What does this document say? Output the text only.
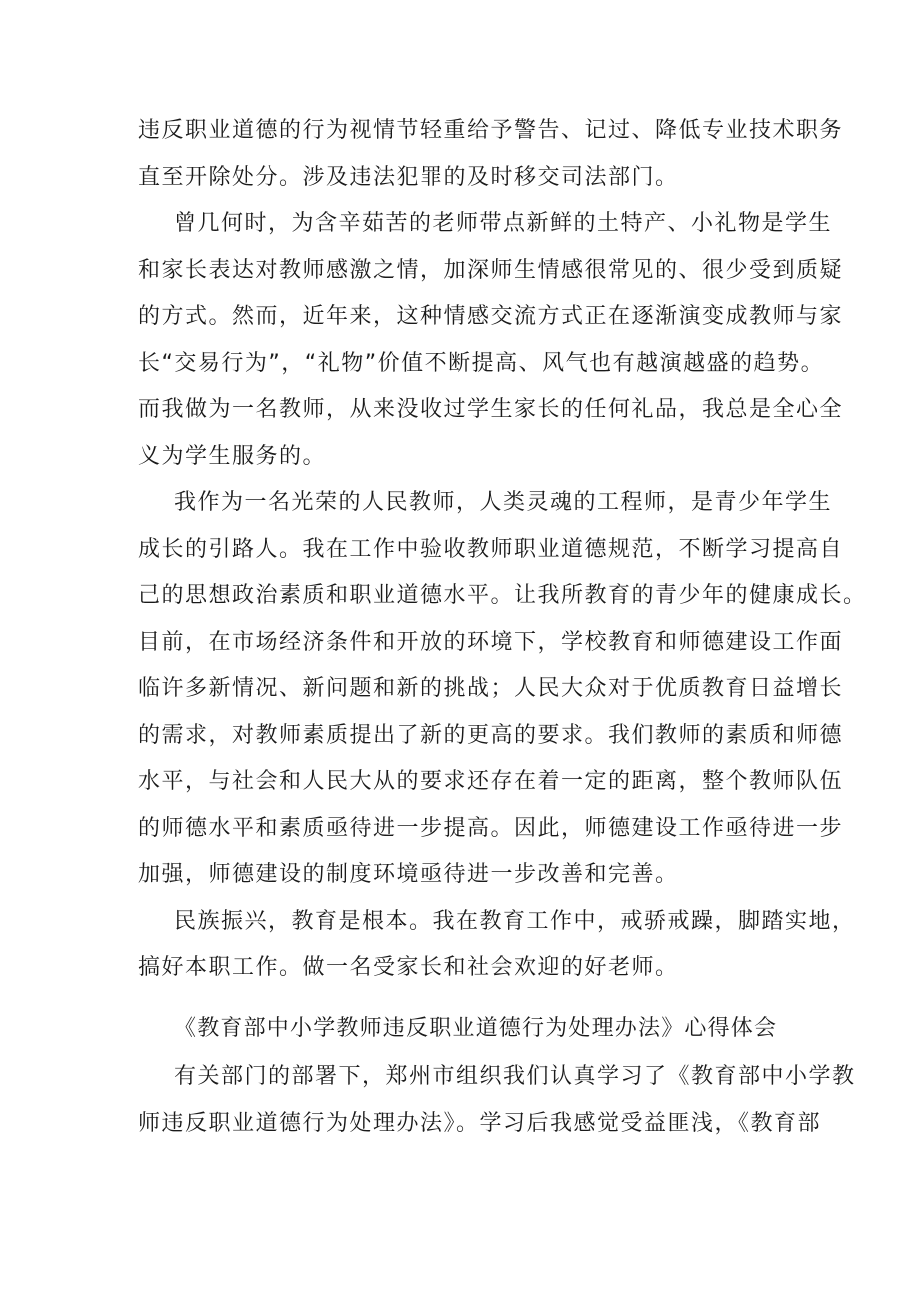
违反职业道德的行为视情节轻重给予警告、记过、降低专业技术职务
直至开除处分。涉及违法犯罪的及时移交司法部门。
曾几何时，为含辛茹苦的老师带点新鲜的土特产、小礼物是学生
和家长表达对教师感激之情，加深师生情感很常见的、很少受到质疑
的方式。然而，近年来，这种情感交流方式正在逐渐演变成教师与家
长“交易行为”，“礼物”价值不断提高、风气也有越演越盛的趋势。
而我做为一名教师，从来没收过学生家长的任何礼品，我总是全心全
义为学生服务的。
我作为一名光荣的人民教师，人类灵魂的工程师，是青少年学生
成长的引路人。我在工作中验收教师职业道德规范，不断学习提高自
己的思想政治素质和职业道德水平。让我所教育的青少年的健康成长。
目前，在市场经济条件和开放的环境下，学校教育和师德建设工作面
临许多新情况、新问题和新的挑战；人民大众对于优质教育日益增长
的需求，对教师素质提出了新的更高的要求。我们教师的素质和师德
水平，与社会和人民大从的要求还存在着一定的距离，整个教师队伍
的师德水平和素质亟待进一步提高。因此，师德建设工作亟待进一步
加强，师德建设的制度环境亟待进一步改善和完善。
民族振兴，教育是根本。我在教育工作中，戒骄戒躁，脚踏实地，
搞好本职工作。做一名受家长和社会欢迎的好老师。
《教育部中小学教师违反职业道德行为处理办法》心得体会
有关部门的部署下，郑州市组织我们认真学习了《教育部中小学教
师违反职业道德行为处理办法》。学习后我感觉受益匪浅，《教育部
